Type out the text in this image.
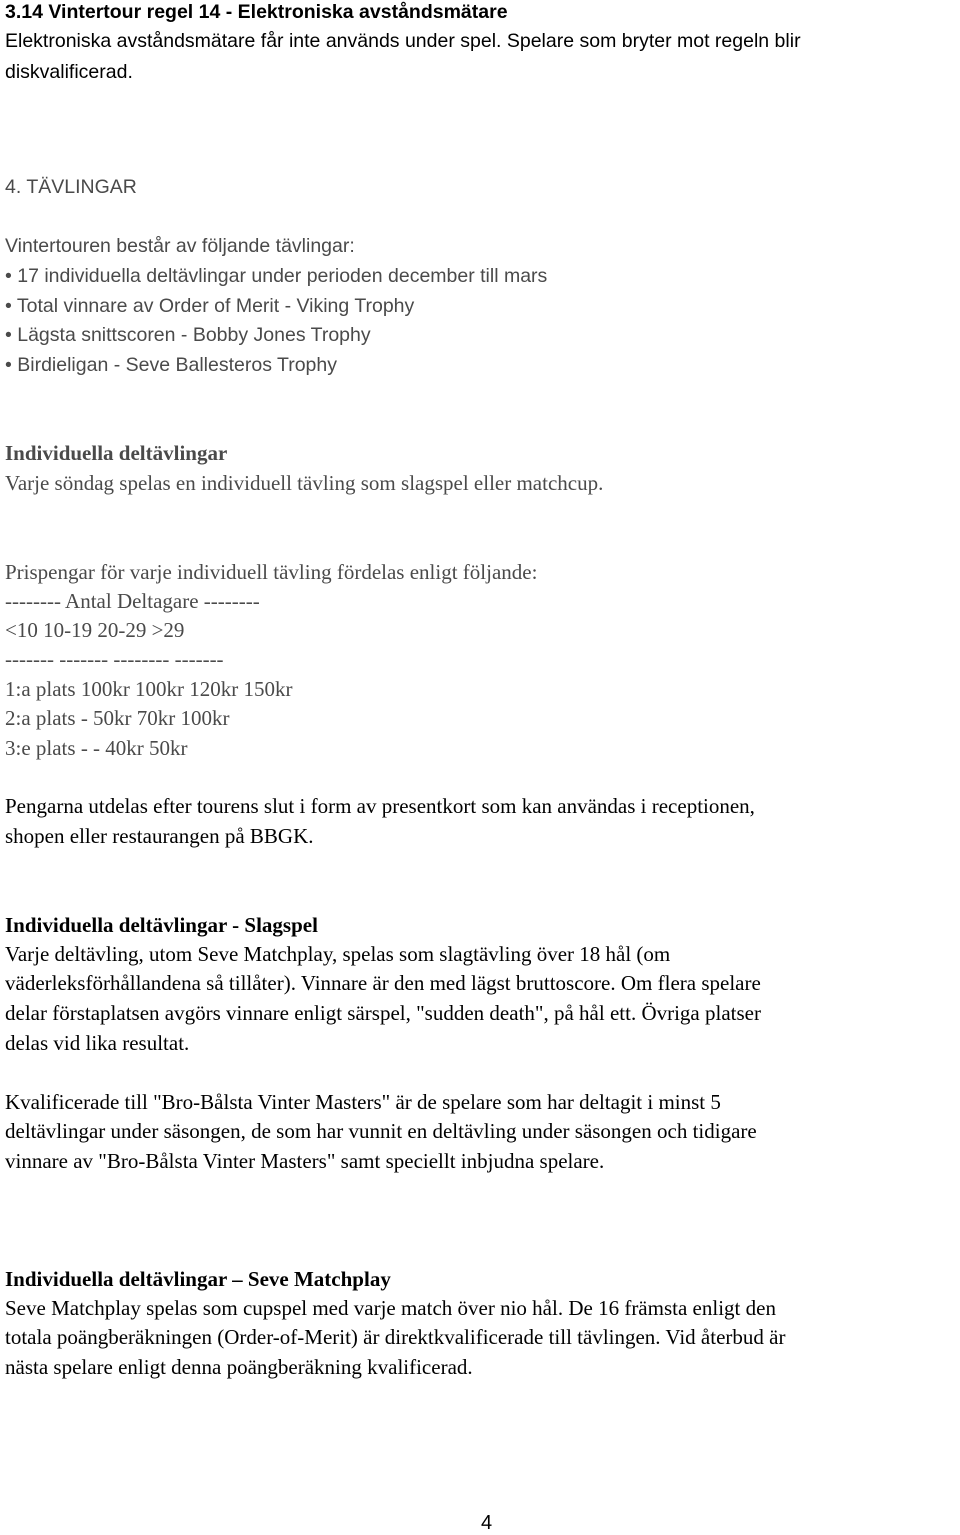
3.14 Vintertour regel 14 - Elektroniska avståndsmätare
Elektroniska avståndsmätare får inte används under spel. Spelare som bryter mot regeln blir
diskvalificerad.
4. TÄVLINGAR
Vintertouren består av följande tävlingar:
• 17 individuella deltävlingar under perioden december till mars
• Total vinnare av Order of Merit - Viking Trophy
• Lägsta snittscoren - Bobby Jones Trophy
• Birdieligan - Seve Ballesteros Trophy
Individuella deltävlingar
Varje söndag spelas en individuell tävling som slagspel eller matchcup.
Prispengar för varje individuell tävling fördelas enligt följande:
-------- Antal Deltagare --------
<10 10-19 20-29 >29
------- ------- -------- -------
1:a plats 100kr 100kr 120kr 150kr
2:a plats - 50kr 70kr 100kr
3:e plats - - 40kr 50kr
Pengarna utdelas efter tourens slut i form av presentkort som kan användas i receptionen,
shopen eller restaurangen på BBGK.
Individuella deltävlingar - Slagspel
Varje deltävling, utom Seve Matchplay, spelas som slagtävling över 18 hål (om
väderleksförhållandena så tillåter). Vinnare är den med lägst bruttoscore. Om flera spelare
delar förstaplatsen avgörs vinnare enligt särspel, "sudden death", på hål ett. Övriga platser
delas vid lika resultat.
Kvalificerade till "Bro-Bålsta Vinter Masters" är de spelare som har deltagit i minst 5
deltävlingar under säsongen, de som har vunnit en deltävling under säsongen och tidigare
vinnare av "Bro-Bålsta Vinter Masters" samt speciellt inbjudna spelare.
Individuella deltävlingar – Seve Matchplay
Seve Matchplay spelas som cupspel med varje match över nio hål. De 16 främsta enligt den
totala poängberäkningen (Order-of-Merit) är direktkvalificerade till tävlingen. Vid återbud är
nästa spelare enligt denna poängberäkning kvalificerad.
4
